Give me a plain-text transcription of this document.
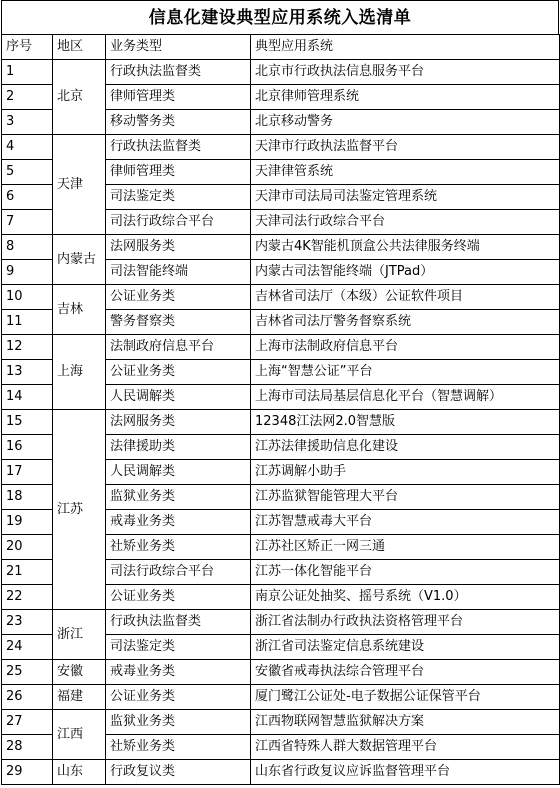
信息化建设典型应用系统入选清单
序号	地区	业务类型	典型应用系统
1	北京	行政执法监督类	北京市行政执法信息服务平台
2		律师管理类	北京律师管理系统
3		移动警务类	北京移动警务
4	天津	行政执法监督类	天津市行政执法监督平台
5		律师管理类	天津律管系统
6		司法鉴定类	天津市司法局司法鉴定管理系统
7		司法行政综合平台	天津司法行政综合平台
8	内蒙古	法网服务类	内蒙古4K智能机顶盒公共法律服务终端
9		司法智能终端	内蒙古司法智能终端（JTPad）
10	吉林	公证业务类	吉林省司法厅（本级）公证软件项目
11		警务督察类	吉林省司法厅警务督察系统
12	上海	法制政府信息平台	上海市法制政府信息平台
13		公证业务类	上海“智慧公证”平台
14		人民调解类	上海市司法局基层信息化平台（智慧调解）
15	江苏	法网服务类	12348江法网2.0智慧版
16		法律援助类	江苏法律援助信息化建设
17		人民调解类	江苏调解小助手
18		监狱业务类	江苏监狱智能管理大平台
19		戒毒业务类	江苏智慧戒毒大平台
20		社矫业务类	江苏社区矫正一网三通
21		司法行政综合平台	江苏一体化智能平台
22		公证业务类	南京公证处抽奖、摇号系统（V1.0）
23	浙江	行政执法监督类	浙江省法制办行政执法资格管理平台
24		司法鉴定类	浙江省司法鉴定信息系统建设
25	安徽	戒毒业务类	安徽省戒毒执法综合管理平台
26	福建	公证业务类	厦门鹭江公证处-电子数据公证保管平台
27	江西	监狱业务类	江西物联网智慧监狱解决方案
28		社矫业务类	江西省特殊人群大数据管理平台
29	山东	行政复议类	山东省行政复议应诉监督管理平台
